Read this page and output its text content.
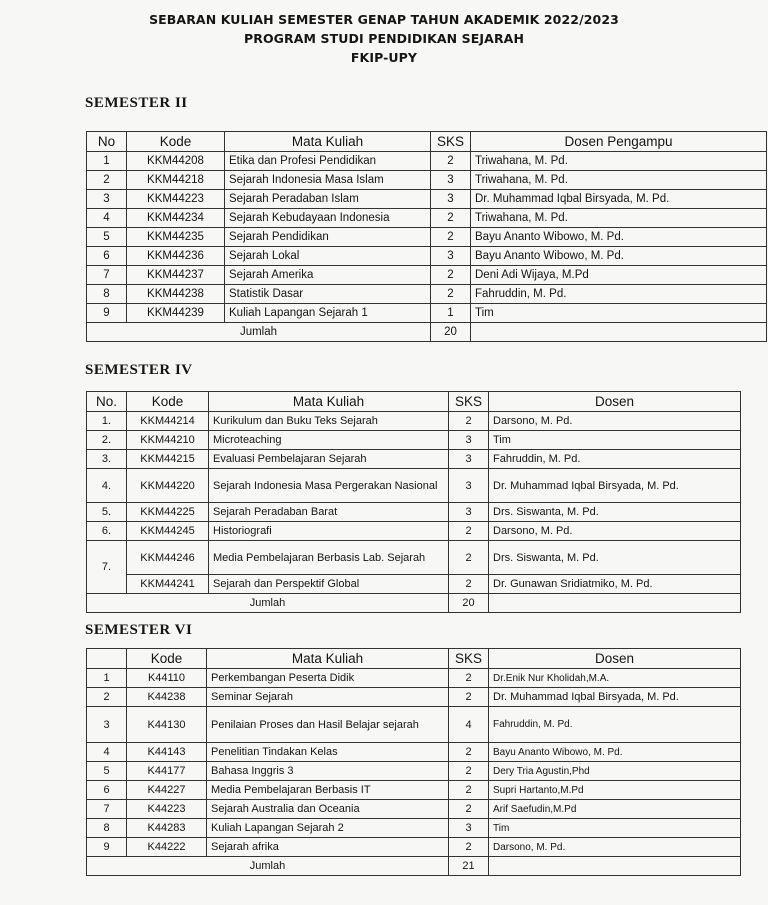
SEBARAN KULIAH SEMESTER GENAP TAHUN AKADEMIK 2022/2023
PROGRAM STUDI PENDIDIKAN SEJARAH
FKIP-UPY
SEMESTER II
No	Kode	Mata Kuliah	SKS	Dosen Pengampu
1	KKM44208	Etika dan Profesi Pendidikan	2	Triwahana, M. Pd.
2	KKM44218	Sejarah Indonesia Masa Islam	3	Triwahana, M. Pd.
3	KKM44223	Sejarah Peradaban Islam	3	Dr. Muhammad Iqbal Birsyada, M. Pd.
4	KKM44234	Sejarah Kebudayaan Indonesia	2	Triwahana, M. Pd.
5	KKM44235	Sejarah Pendidikan	2	Bayu Ananto Wibowo, M. Pd.
6	KKM44236	Sejarah Lokal	3	Bayu Ananto Wibowo, M. Pd.
7	KKM44237	Sejarah Amerika	2	Deni Adi Wijaya, M.Pd
8	KKM44238	Statistik Dasar	2	Fahruddin, M. Pd.
9	KKM44239	Kuliah Lapangan Sejarah 1	1	Tim
Jumlah			20	
SEMESTER IV
No.	Kode	Mata Kuliah	SKS	Dosen
1.	KKM44214	Kurikulum dan Buku Teks Sejarah	2	Darsono, M. Pd.
2.	KKM44210	Microteaching	3	Tim
3.	KKM44215	Evaluasi Pembelajaran Sejarah	3	Fahruddin, M. Pd.
4.	KKM44220	Sejarah Indonesia Masa Pergerakan Nasional	3	Dr. Muhammad Iqbal Birsyada, M. Pd.
5.	KKM44225	Sejarah Peradaban Barat	3	Drs. Siswanta, M. Pd.
6.	KKM44245	Historiografi	2	Darsono, M. Pd.
7.	KKM44246	Media Pembelajaran Berbasis Lab. Sejarah	2	Drs. Siswanta, M. Pd.
	KKM44241	Sejarah dan Perspektif Global	2	Dr. Gunawan Sridiatmiko, M. Pd.
Jumlah			20	
SEMESTER VI
	Kode	Mata Kuliah	SKS	Dosen
1	K44110	Perkembangan Peserta Didik	2	Dr.Enik Nur Kholidah,M.A.
2	K44238	Seminar Sejarah	2	Dr. Muhammad Iqbal Birsyada, M. Pd.
3	K44130	Penilaian Proses dan Hasil Belajar sejarah	4	Fahruddin, M. Pd.
4	K44143	Penelitian Tindakan Kelas	2	Bayu Ananto Wibowo, M. Pd.
5	K44177	Bahasa Inggris 3	2	Dery Tria Agustin,Phd
6	K44227	Media Pembelajaran Berbasis IT	2	Supri Hartanto,M.Pd
7	K44223	Sejarah Australia dan Oceania	2	Arif Saefudin,M.Pd
8	K44283	Kuliah Lapangan Sejarah 2	3	Tim
9	K44222	Sejarah afrika	2	Darsono, M. Pd.
Jumlah			21	
